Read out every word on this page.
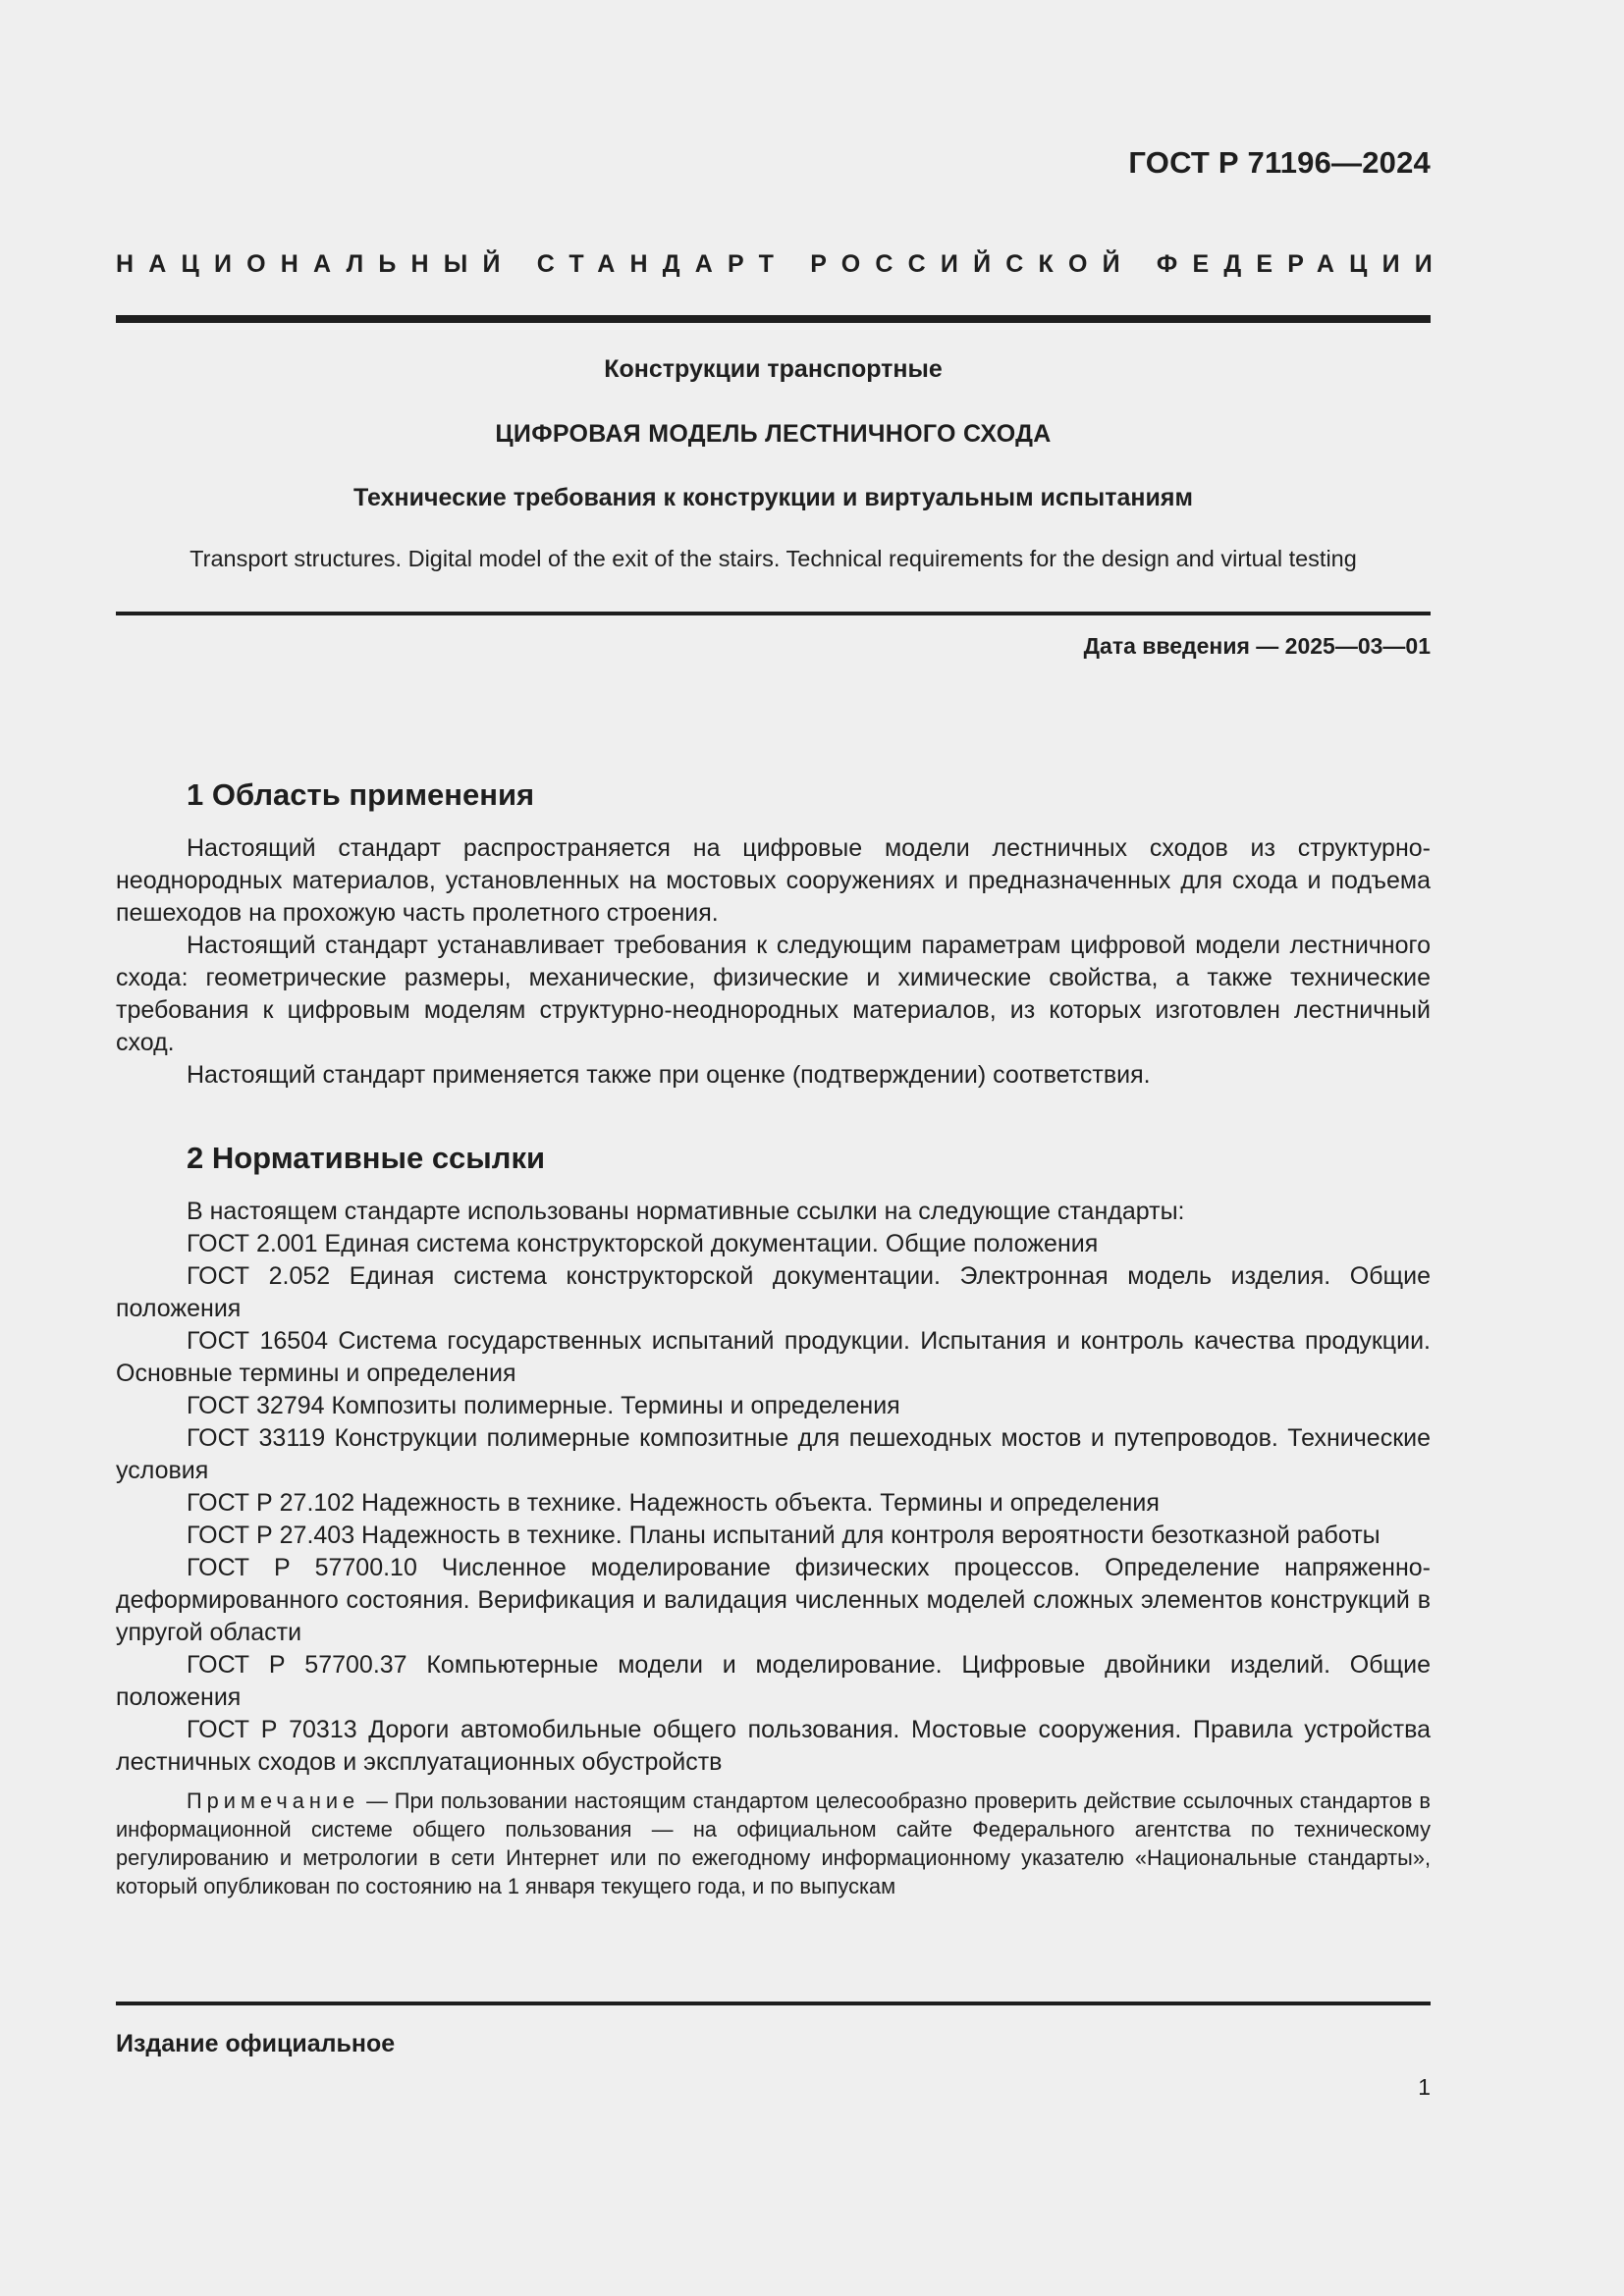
ГОСТ Р 71196—2024
НАЦИОНАЛЬНЫЙ СТАНДАРТ РОССИЙСКОЙ ФЕДЕРАЦИИ
Конструкции транспортные
ЦИФРОВАЯ МОДЕЛЬ ЛЕСТНИЧНОГО СХОДА
Технические требования к конструкции и виртуальным испытаниям
Transport structures. Digital model of the exit of the stairs. Technical requirements for the design and virtual testing
Дата введения — 2025—03—01
1 Область применения

Настоящий стандарт распространяется на цифровые модели лестничных сходов из структурно-неоднородных материалов, установленных на мостовых сооружениях и предназначенных для схода и подъема пешеходов на прохожую часть пролетного строения.

Настоящий стандарт устанавливает требования к следующим параметрам цифровой модели лестничного схода: геометрические размеры, механические, физические и химические свойства, а также технические требования к цифровым моделям структурно-неоднородных материалов, из которых изготовлен лестничный сход.

Настоящий стандарт применяется также при оценке (подтверждении) соответствия.

2 Нормативные ссылки

В настоящем стандарте использованы нормативные ссылки на следующие стандарты:

ГОСТ 2.001 Единая система конструкторской документации. Общие положения

ГОСТ 2.052 Единая система конструкторской документации. Электронная модель изделия. Общие положения

ГОСТ 16504 Система государственных испытаний продукции. Испытания и контроль качества продукции. Основные термины и определения

ГОСТ 32794 Композиты полимерные. Термины и определения

ГОСТ 33119 Конструкции полимерные композитные для пешеходных мостов и путепроводов. Технические условия

ГОСТ Р 27.102 Надежность в технике. Надежность объекта. Термины и определения

ГОСТ Р 27.403 Надежность в технике. Планы испытаний для контроля вероятности безотказной работы

ГОСТ Р 57700.10 Численное моделирование физических процессов. Определение напряженно-деформированного состояния. Верификация и валидация численных моделей сложных элементов конструкций в упругой области

ГОСТ Р 57700.37 Компьютерные модели и моделирование. Цифровые двойники изделий. Общие положения

ГОСТ Р 70313 Дороги автомобильные общего пользования. Мостовые сооружения. Правила устройства лестничных сходов и эксплуатационных обустройств

Примечание — При пользовании настоящим стандартом целесообразно проверить действие ссылочных стандартов в информационной системе общего пользования — на официальном сайте Федерального агентства по техническому регулированию и метрологии в сети Интернет или по ежегодному информационному указателю «Национальные стандарты», который опубликован по состоянию на 1 января текущего года, и по выпускам

Издание официальное
1
